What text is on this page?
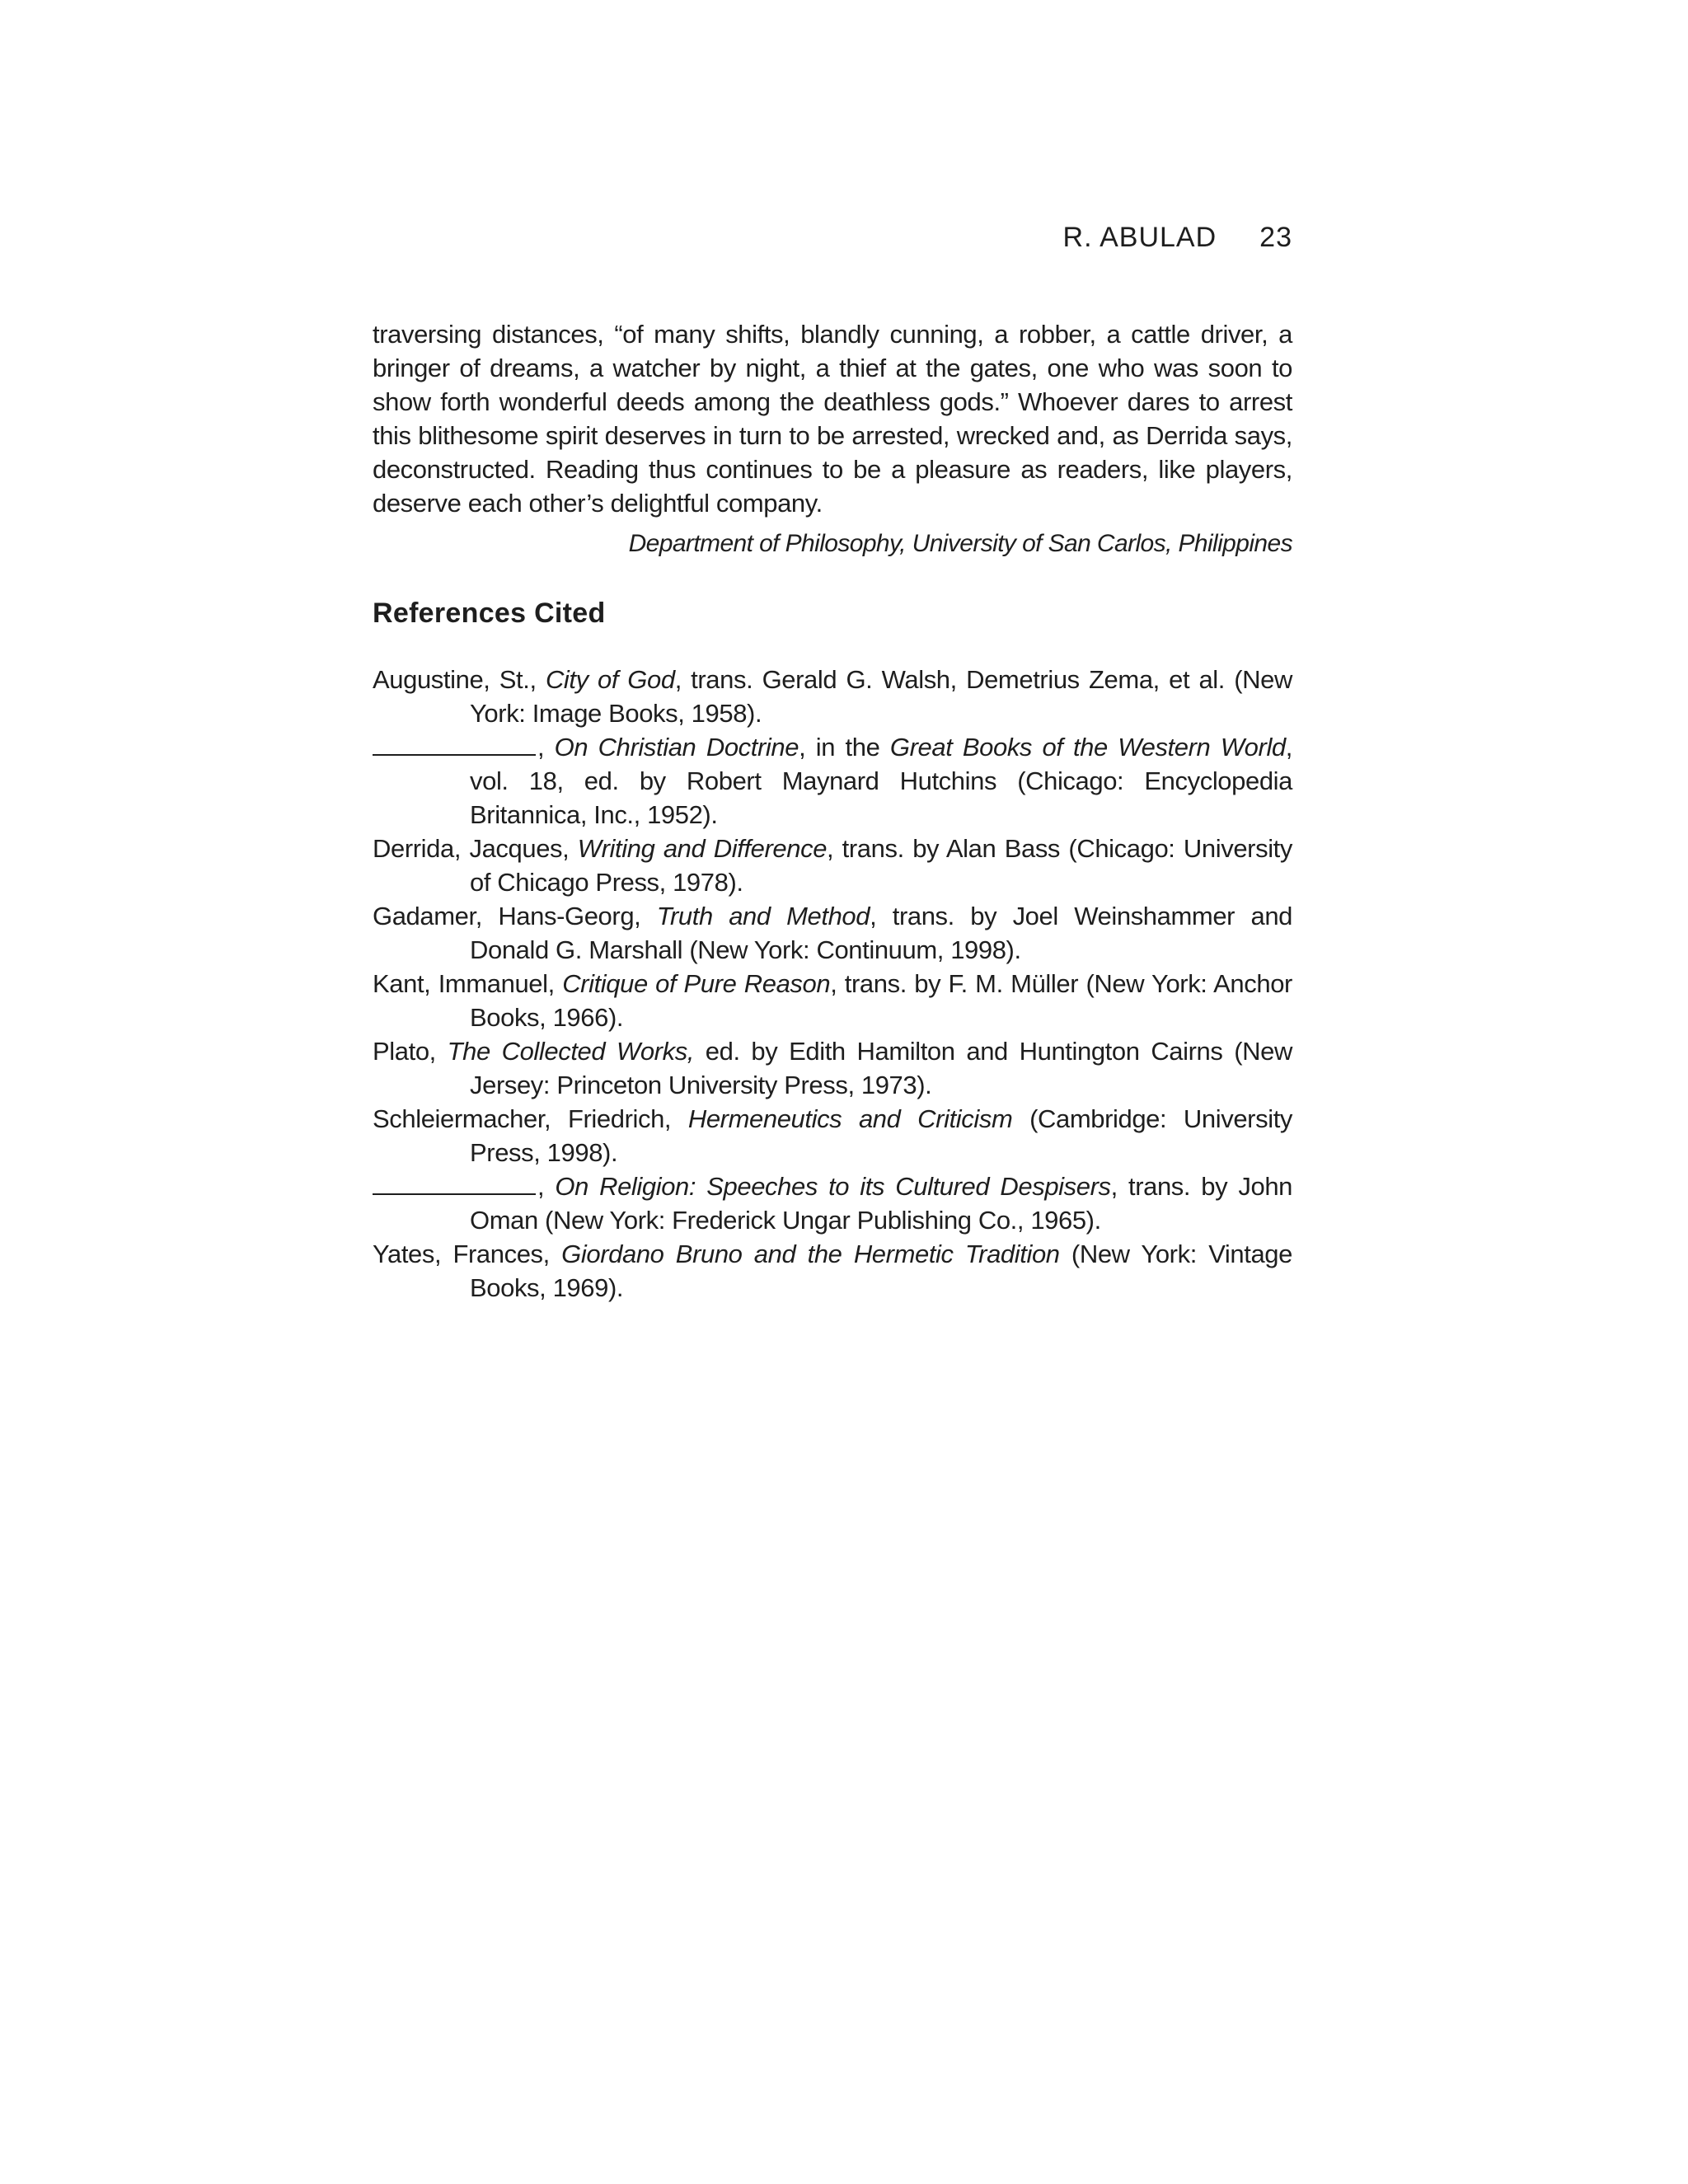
R. ABULAD 23

traversing distances, “of many shifts, blandly cunning, a robber, a cattle driver, a bringer of dreams, a watcher by night, a thief at the gates, one who was soon to show forth wonderful deeds among the deathless gods.” Whoever dares to arrest this blithesome spirit deserves in turn to be arrested, wrecked and, as Derrida says, deconstructed. Reading thus continues to be a pleasure as readers, like players, deserve each other’s delightful company.

Department of Philosophy, University of San Carlos, Philippines
References Cited
Augustine, St., City of God, trans. Gerald G. Walsh, Demetrius Zema, et al. (New York: Image Books, 1958).
, On Christian Doctrine, in the Great Books of the Western World, vol. 18, ed. by Robert Maynard Hutchins (Chicago: Encyclopedia Britannica, Inc., 1952).
Derrida, Jacques, Writing and Difference, trans. by Alan Bass (Chicago: University of Chicago Press, 1978).
Gadamer, Hans-Georg, Truth and Method, trans. by Joel Weinshammer and Donald G. Marshall (New York: Continuum, 1998).
Kant, Immanuel, Critique of Pure Reason, trans. by F. M. Müller (New York: Anchor Books, 1966).
Plato, The Collected Works, ed. by Edith Hamilton and Huntington Cairns (New Jersey: Princeton University Press, 1973).
Schleiermacher, Friedrich, Hermeneutics and Criticism (Cambridge: University Press, 1998).
, On Religion: Speeches to its Cultured Despisers, trans. by John Oman (New York: Frederick Ungar Publishing Co., 1965).
Yates, Frances, Giordano Bruno and the Hermetic Tradition (New York: Vintage Books, 1969).
